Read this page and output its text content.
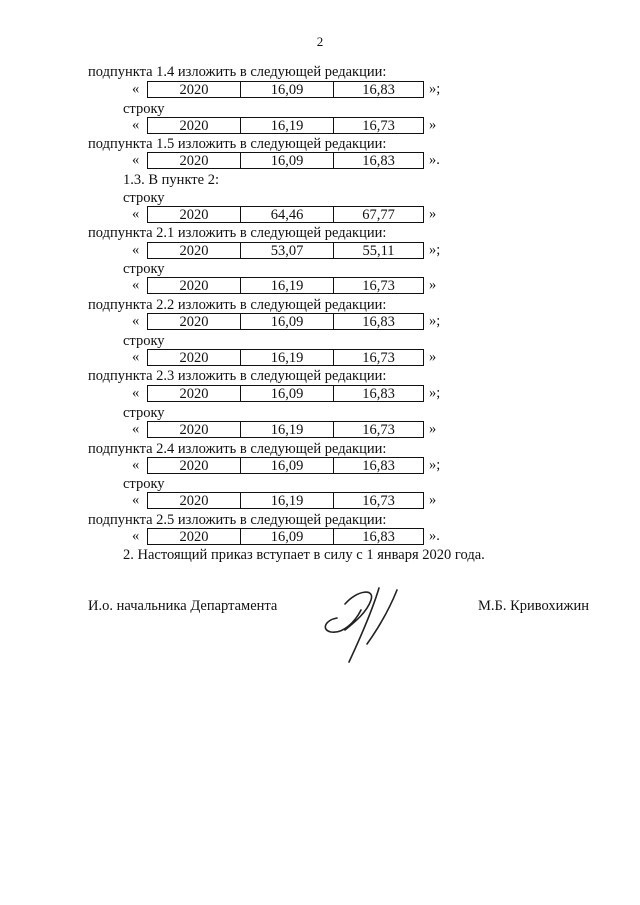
2
подпункта 1.4 изложить в следующей редакции:
«	2020	16,09	16,83	»;
строку
«	2020	16,19	16,73	»
подпункта 1.5 изложить в следующей редакции:
«	2020	16,09	16,83	».
1.3. В пункте 2:
строку
«	2020	64,46	67,77	»
подпункта 2.1 изложить в следующей редакции:
«	2020	53,07	55,11	»;
строку
«	2020	16,19	16,73	»
подпункта 2.2 изложить в следующей редакции:
«	2020	16,09	16,83	»;
строку
«	2020	16,19	16,73	»
подпункта 2.3 изложить в следующей редакции:
«	2020	16,09	16,83	»;
строку
«	2020	16,19	16,73	»
подпункта 2.4 изложить в следующей редакции:
«	2020	16,09	16,83	»;
строку
«	2020	16,19	16,73	»
подпункта 2.5 изложить в следующей редакции:
«	2020	16,09	16,83	».
2. Настоящий приказ вступает в силу с 1 января 2020 года.
И.о. начальника Департамента	М.Б. Кривохижин
